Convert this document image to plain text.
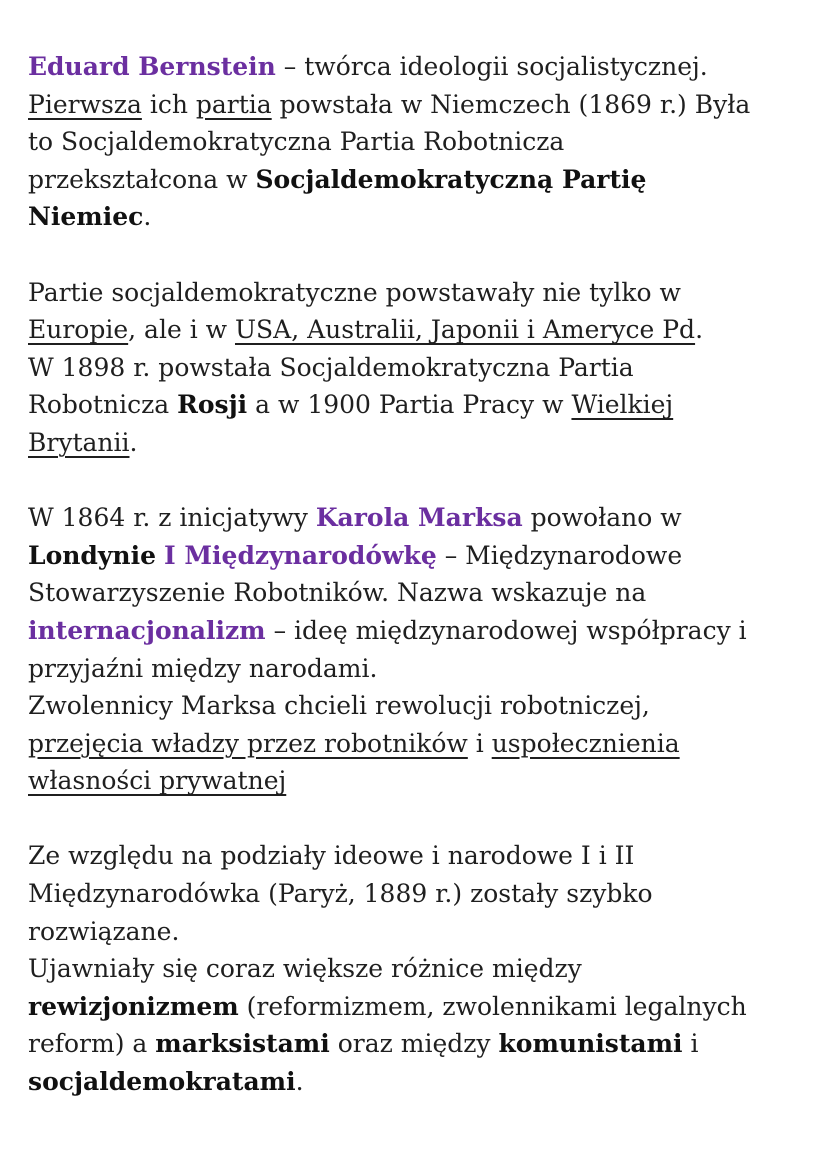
Eduard Bernstein – twórca ideologii socjalistycznej.
Pierwsza ich partia powstała w Niemczech (1869 r.) Była
to Socjaldemokratyczna Partia Robotnicza
przekształcona w Socjaldemokratyczną Partię
Niemiec.

Partie socjaldemokratyczne powstawały nie tylko w
Europie, ale i w USA, Australii, Japonii i Ameryce Pd.
W 1898 r. powstała Socjaldemokratyczna Partia
Robotnicza Rosji a w 1900 Partia Pracy w Wielkiej
Brytanii.

W 1864 r. z inicjatywy Karola Marksa powołano w
Londynie I Międzynarodówkę – Międzynarodowe
Stowarzyszenie Robotników. Nazwa wskazuje na
internacjonalizm – ideę międzynarodowej współpracy i
przyjaźni między narodami.
Zwolennicy Marksa chcieli rewolucji robotniczej,
przejęcia władzy przez robotników i uspołecznienia
własności prywatnej

Ze względu na podziały ideowe i narodowe I i II
Międzynarodówka (Paryż, 1889 r.) zostały szybko
rozwiązane.
Ujawniały się coraz większe różnice między
rewizjonizmem (reformizmem, zwolennikami legalnych
reform) a marksistami oraz między komunistami i
socjaldemokratami.
